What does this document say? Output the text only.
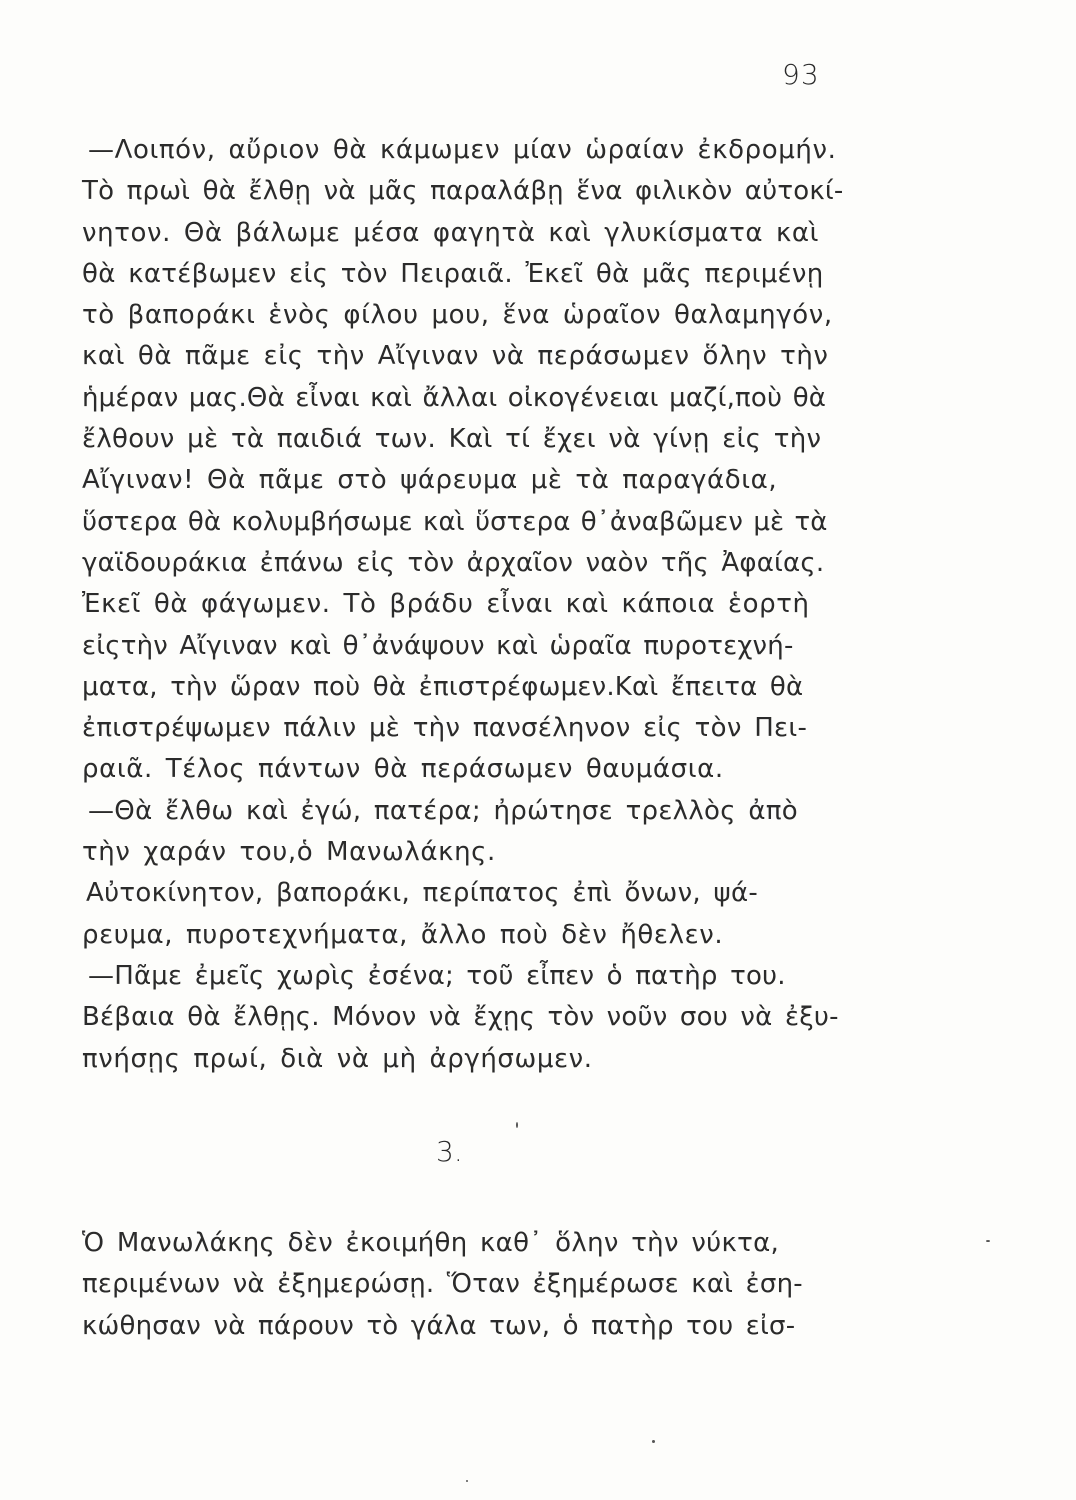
93
—Λοιπόν, αὔριον θὰ κάμωμεν μίαν ὡραίαν ἐκδρομήν.
Τὸ πρωὶ θὰ ἔλθῃ νὰ μᾶς παραλάβῃ ἕνα φιλικὸν αὐτοκί-
νητον. Θὰ βάλωμε μέσα φαγητὰ καὶ γλυκίσματα καὶ
θὰ κατέβωμεν εἰς τὸν Πειραιᾶ. Ἐκεῖ θὰ μᾶς περιμένῃ
τὸ βαποράκι ἑνὸς φίλου μου, ἕνα ὡραῖον θαλαμηγόν,
καὶ θὰ πᾶμε εἰς τὴν Αἴγιναν νὰ περάσωμεν ὅλην τὴν
ἡμέραν μας.Θὰ εἶναι καὶ ἄλλαι οἰκογένειαι μαζί,ποὺ θὰ
ἔλθουν μὲ τὰ παιδιά των. Καὶ τί ἔχει νὰ γίνῃ εἰς τὴν
Αἴγιναν! Θὰ πᾶμε στὸ ψάρευμα μὲ τὰ παραγάδια,
ὕστερα θὰ κολυμβήσωμε καὶ ὕστερα θ᾽ἀναβῶμεν μὲ τὰ
γαϊδουράκια ἐπάνω εἰς τὸν ἀρχαῖον ναὸν τῆς Ἀφαίας.
Ἐκεῖ θὰ φάγωμεν. Τὸ βράδυ εἶναι καὶ κάποια ἑορτὴ
εἰςτὴν Αἴγιναν καὶ θ᾽ἀνάψουν καὶ ὡραῖα πυροτεχνή-
ματα, τὴν ὥραν ποὺ θὰ ἐπιστρέφωμεν.Καὶ ἔπειτα θὰ
ἐπιστρέψωμεν πάλιν μὲ τὴν πανσέληνον εἰς τὸν Πει-
ραιᾶ. Τέλος πάντων θὰ περάσωμεν θαυμάσια.
—Θὰ ἔλθω καὶ ἐγώ, πατέρα; ἠρώτησε τρελλὸς ἀπὸ
τὴν χαράν του,ὁ Μανωλάκης.
Αὐτοκίνητον, βαποράκι, περίπατος ἐπὶ ὄνων, ψά-
ρευμα, πυροτεχνήματα, ἄλλο ποὺ δὲν ἤθελεν.
—Πᾶμε ἐμεῖς χωρὶς ἐσένα; τοῦ εἶπεν ὁ πατὴρ του.
Βέβαια θὰ ἔλθῃς. Μόνον νὰ ἔχῃς τὸν νοῦν σου νὰ ἐξυ-
πνήσῃς πρωί, διὰ νὰ μὴ ἀργήσωμεν.
3.
Ὁ Μανωλάκης δὲν ἐκοιμήθη καθ᾽ ὅλην τὴν νύκτα,
περιμένων νὰ ἐξημερώσῃ. Ὅταν ἐξημέρωσε καὶ ἐση-
κώθησαν νὰ πάρουν τὸ γάλα των, ὁ πατὴρ του εἰσ-
